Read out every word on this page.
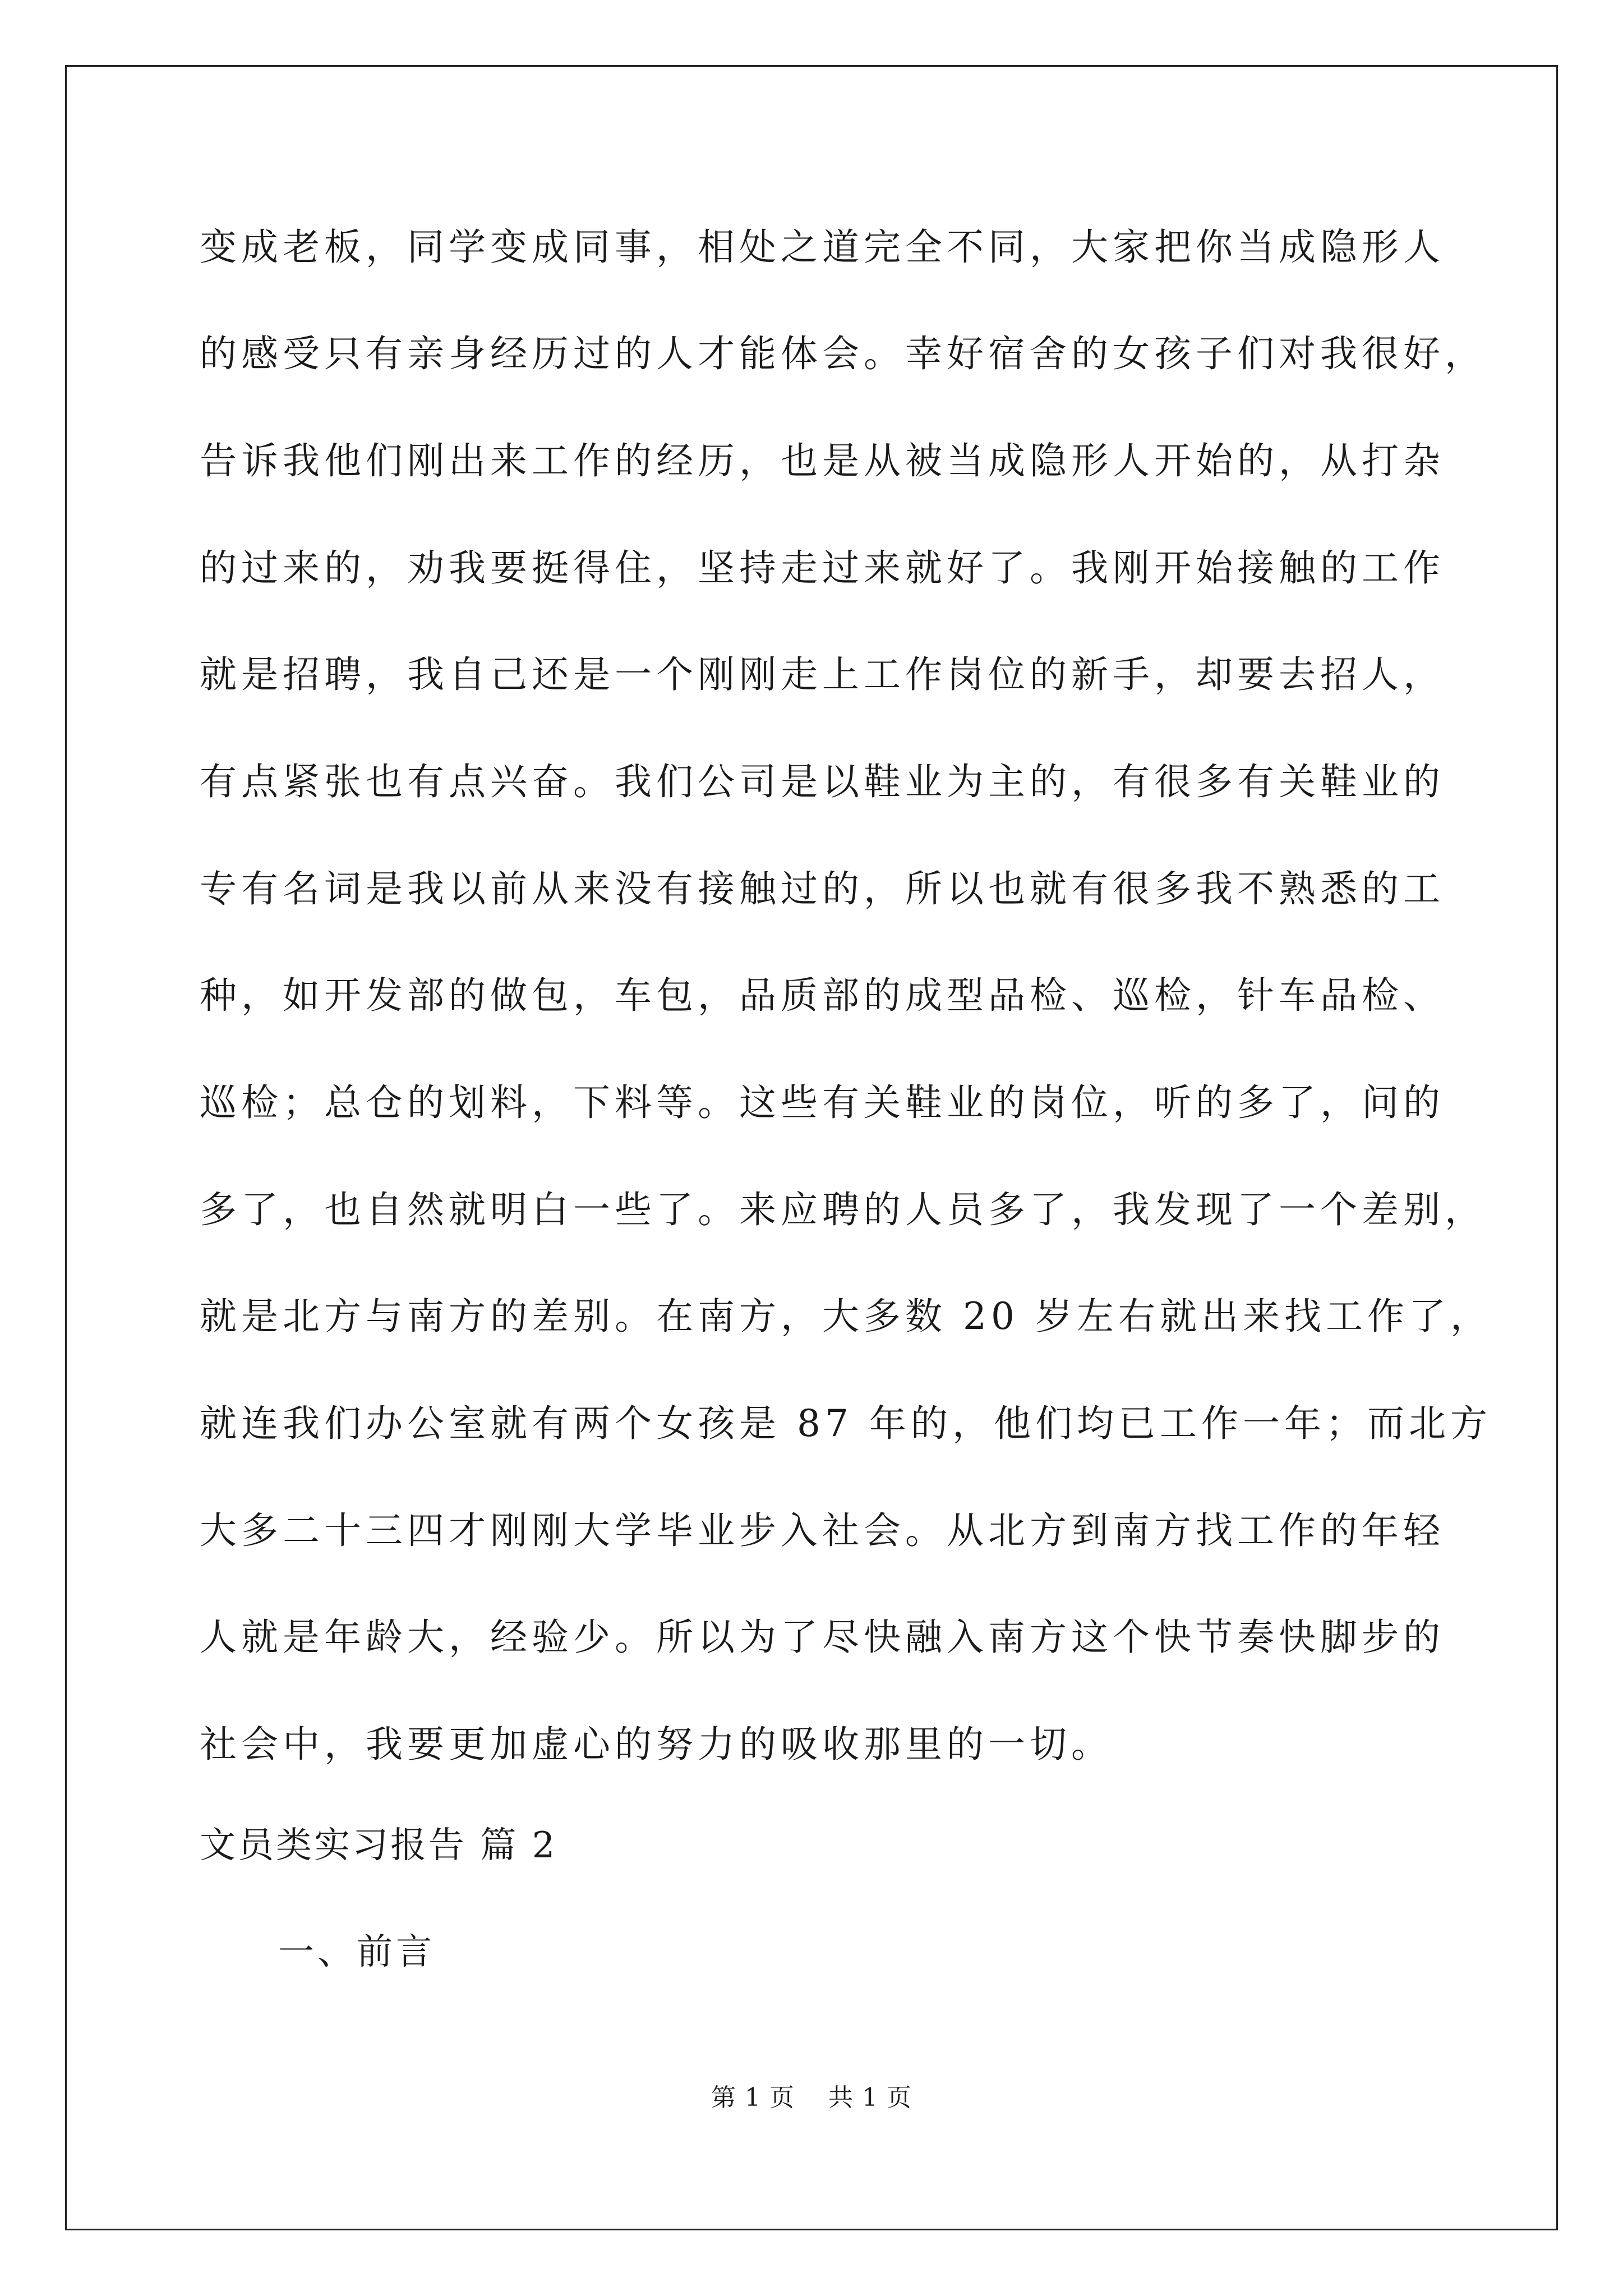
变成老板，同学变成同事，相处之道完全不同，大家把你当成隐形人
的感受只有亲身经历过的人才能体会。幸好宿舍的女孩子们对我很好，
告诉我他们刚出来工作的经历，也是从被当成隐形人开始的，从打杂
的过来的，劝我要挺得住，坚持走过来就好了。我刚开始接触的工作
就是招聘，我自己还是一个刚刚走上工作岗位的新手，却要去招人，
有点紧张也有点兴奋。我们公司是以鞋业为主的，有很多有关鞋业的
专有名词是我以前从来没有接触过的，所以也就有很多我不熟悉的工
种，如开发部的做包，车包，品质部的成型品检、巡检，针车品检、
巡检；总仓的划料，下料等。这些有关鞋业的岗位，听的多了，问的
多了，也自然就明白一些了。来应聘的人员多了，我发现了一个差别，
就是北方与南方的差别。在南方，大多数 20 岁左右就出来找工作了，
就连我们办公室就有两个女孩是 87 年的，他们均已工作一年；而北方
大多二十三四才刚刚大学毕业步入社会。从北方到南方找工作的年轻
人就是年龄大，经验少。所以为了尽快融入南方这个快节奏快脚步的
社会中，我要更加虚心的努力的吸收那里的一切。
文员类实习报告 篇 2
一、前言
第 1 页    共 1 页
